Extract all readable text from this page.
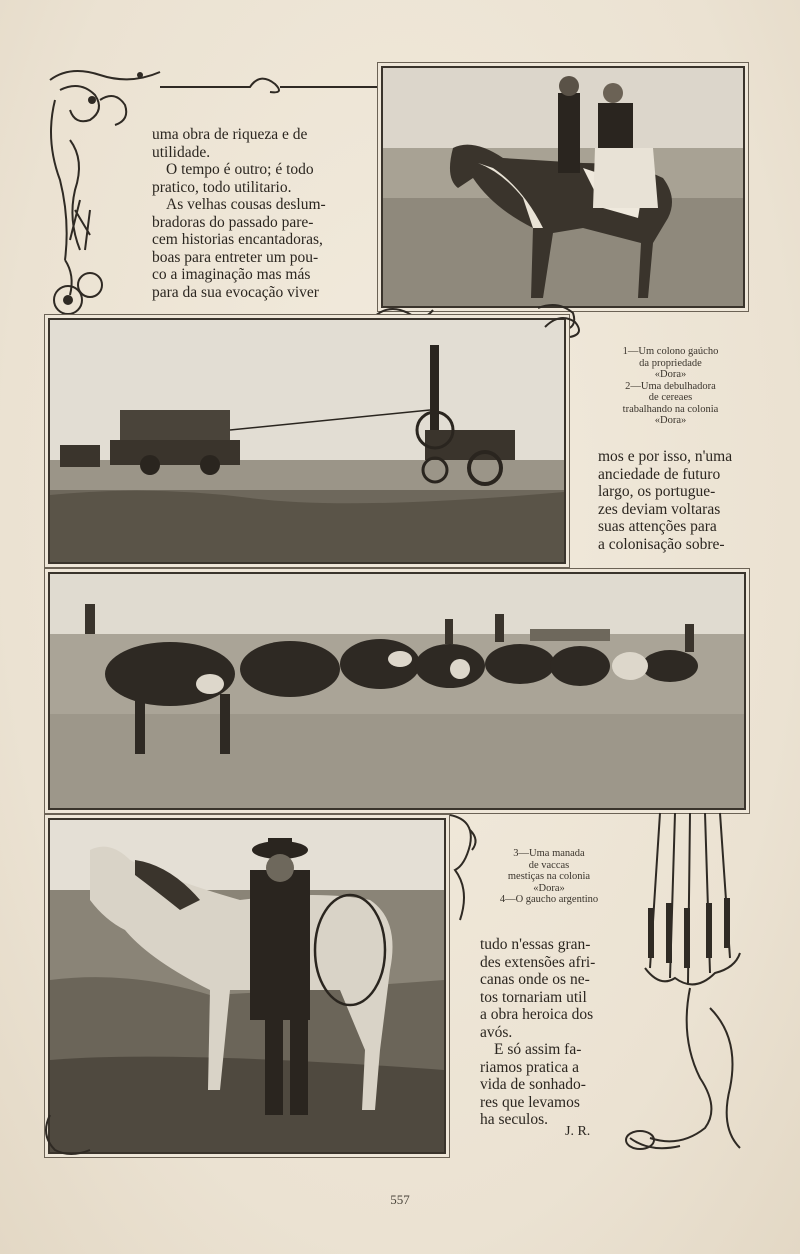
uma obra de riqueza e de

utilidade.

O tempo é outro; é todo

pratico, todo utilitario.

As velhas cousas deslum-

bradoras do passado pare-

cem historias encantadoras,

boas para entreter um pou-

co a imaginação mas más

para da sua evocação viver

1—Um colono gaúcho
da propriedade
«Dora»
2—Uma debulhadora
de cereaes
trabalhando na colonia
«Dora»

mos e por isso, n'uma

anciedade de futuro

largo, os portugue-

zes deviam voltaras

suas attenções para

a colonisação sobre-

3—Uma manada
de vaccas
mestiças na colonia
«Dora»
4—O gaucho argentino

tudo n'essas gran-

des extensões afri-

canas onde os ne-

tos tornariam util

a obra heroica dos

avós.

E só assim fa-

riamos pratica a

vida de sonhado-

res que levamos

ha seculos.

J. R.
557
